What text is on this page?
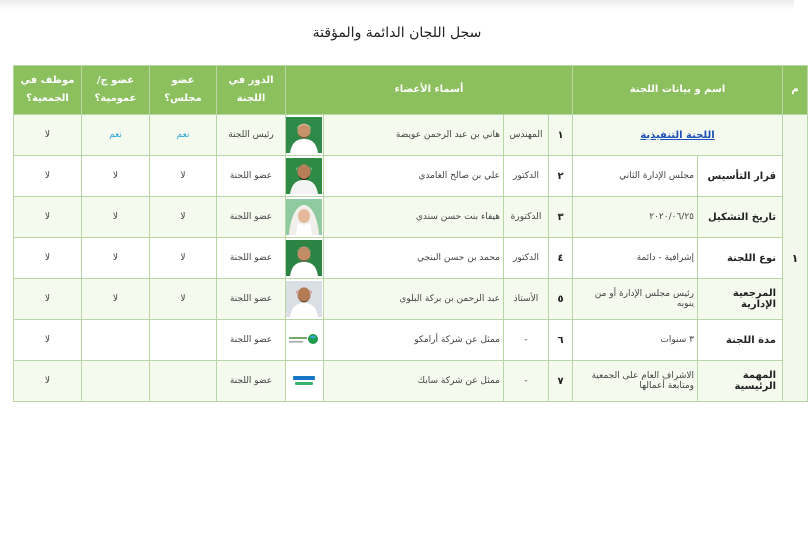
سجل اللجان الدائمة والمؤقتة
م	اسم و بيانات اللجنة		أسماء الأعضاء				الدور في اللجنة	عضو مجلس؟	عضو ج/عمومية؟	موظف في الجمعية؟
١	اللجنة التنفيذية		١	المهندس	هاني بن عبد الرحمن عويضة		رئيس اللجنة	نعم	نعم	لا
	قرار التأسيس	مجلس الإدارة الثاني	٢	الدكتور	علي بن صالح الغامدي		عضو اللجنة	لا	لا	لا
	تاريخ التشكيل	٢٠٢٠/٠٦/٢٥	٣	الدكتورة	هيفاء بنت حسن سندي		عضو اللجنة	لا	لا	لا
	نوع اللجنة	إشرافية - دائمة	٤	الدكتور	محمد بن حسن البنجي		عضو اللجنة	لا	لا	لا
	المرجعية الإدارية	رئيس مجلس الإدارة أو من ينوبه	٥	الأستاذ	عبد الرحمن بن بركة البلوي		عضو اللجنة	لا	لا	لا
	مدة اللجنة	٣ سنوات	٦	-	ممثل عن شركة أرامكو		عضو اللجنة			لا
	المهمة الرئيسية	الاشراف العام على الجمعية ومتابعة أعمالها	٧	-	ممثل عن شركة سابك		عضو اللجنة			لا
